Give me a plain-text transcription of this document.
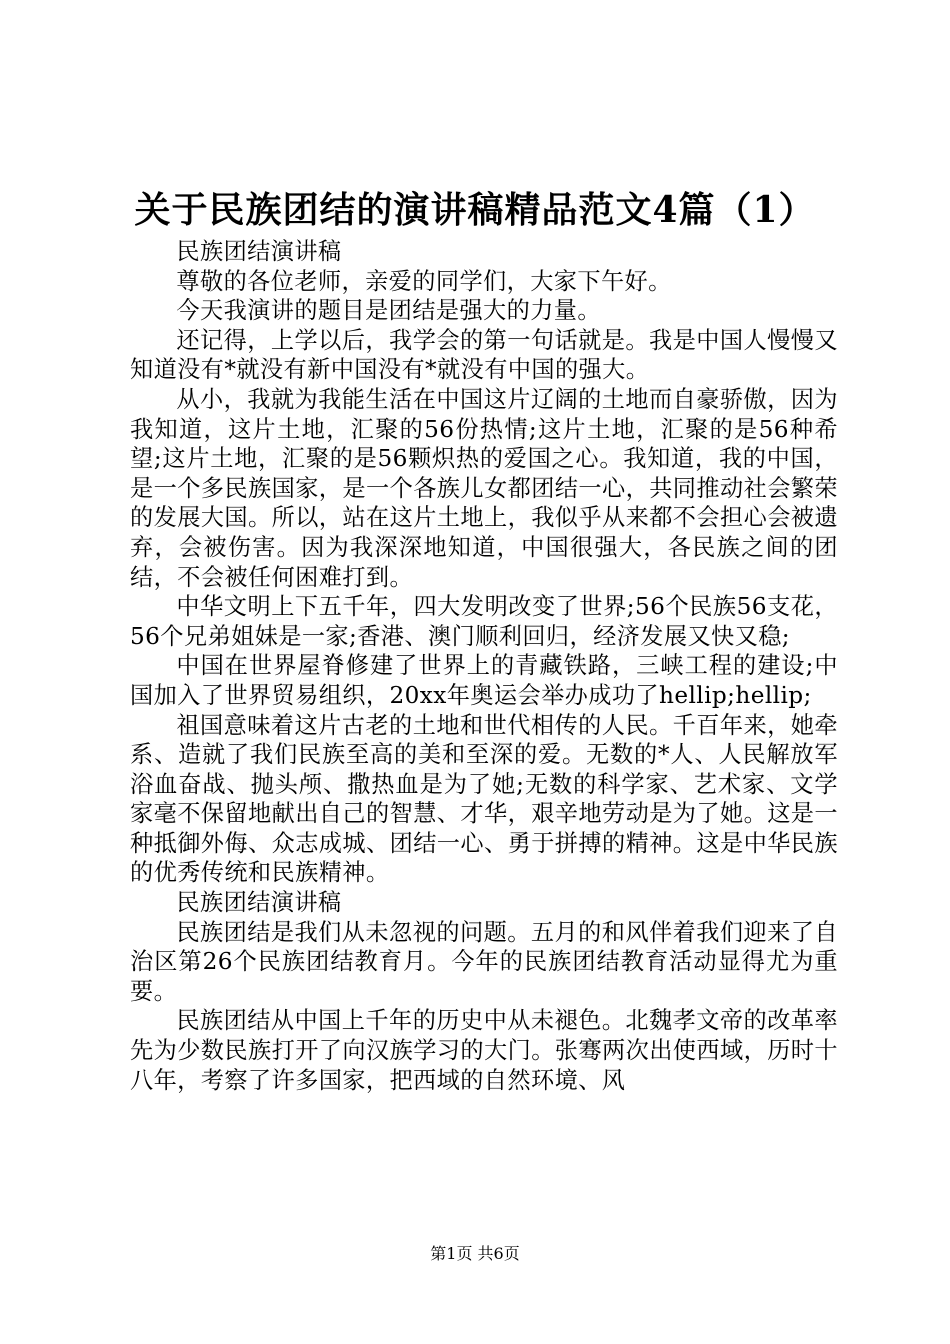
关于民族团结的演讲稿精品范文4篇（1）

民族团结演讲稿

尊敬的各位老师，亲爱的同学们，大家下午好。

今天我演讲的题目是团结是强大的力量。

还记得，上学以后，我学会的第一句话就是。我是中国人慢慢又知道没有*就没有新中国没有*就没有中国的强大。

从小，我就为我能生活在中国这片辽阔的土地而自豪骄傲，因为我知道，这片土地，汇聚的56份热情;这片土地，汇聚的是56种希望;这片土地，汇聚的是56颗炽热的爱国之心。我知道，我的中国，是一个多民族国家，是一个各族儿女都团结一心，共同推动社会繁荣的发展大国。所以，站在这片土地上，我似乎从来都不会担心会被遗弃，会被伤害。因为我深深地知道，中国很强大，各民族之间的团结，不会被任何困难打到。

中华文明上下五千年，四大发明改变了世界;56个民族56支花，56个兄弟姐妹是一家;香港、澳门顺利回归，经济发展又快又稳;

中国在世界屋脊修建了世界上的青藏铁路，三峡工程的建设;中国加入了世界贸易组织，20xx年奥运会举办成功了hellip;hellip;

祖国意味着这片古老的土地和世代相传的人民。千百年来，她牵系、造就了我们民族至高的美和至深的爱。无数的*人、人民解放军浴血奋战、抛头颅、撒热血是为了她;无数的科学家、艺术家、文学家毫不保留地献出自己的智慧、才华，艰辛地劳动是为了她。这是一种抵御外侮、众志成城、团结一心、勇于拼搏的精神。这是中华民族的优秀传统和民族精神。

民族团结演讲稿

民族团结是我们从未忽视的问题。五月的和风伴着我们迎来了自治区第26个民族团结教育月。今年的民族团结教育活动显得尤为重要。

民族团结从中国上千年的历史中从未褪色。北魏孝文帝的改革率先为少数民族打开了向汉族学习的大门。张骞两次出使西域，历时十八年，考察了许多国家，把西域的自然环境、风

第1页 共6页
